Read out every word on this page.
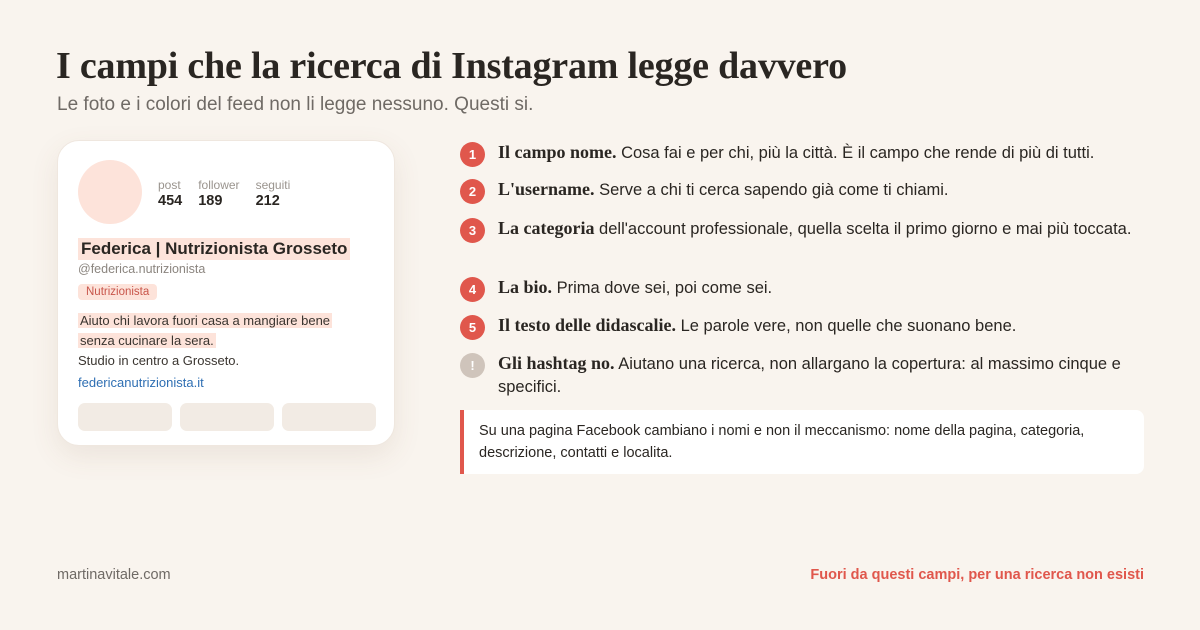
I campi che la ricerca di Instagram legge davvero
Le foto e i colori del feed non li legge nessuno. Questi si.
post
454
follower
189
seguiti
212
Federica | Nutrizionista Grosseto
@federica.nutrizionista
Nutrizionista
Aiuto chi lavora fuori casa a mangiare bene
senza cucinare la sera.
Studio in centro a Grosseto.
federicanutrizionista.it
1	Il campo nome. Cosa fai e per chi, più la città. È il campo che rende di più di tutti.
2	L'username. Serve a chi ti cerca sapendo già come ti chiami.
3	La categoria dell'account professionale, quella scelta il primo giorno e mai più toccata.
4	La bio. Prima dove sei, poi come sei.
5	Il testo delle didascalie. Le parole vere, non quelle che suonano bene.
!	Gli hashtag no. Aiutano una ricerca, non allargano la copertura: al massimo cinque e specifici.
Su una pagina Facebook cambiano i nomi e non il meccanismo: nome della pagina, categoria, descrizione, contatti e localita.
martinavitale.com	Fuori da questi campi, per una ricerca non esisti
